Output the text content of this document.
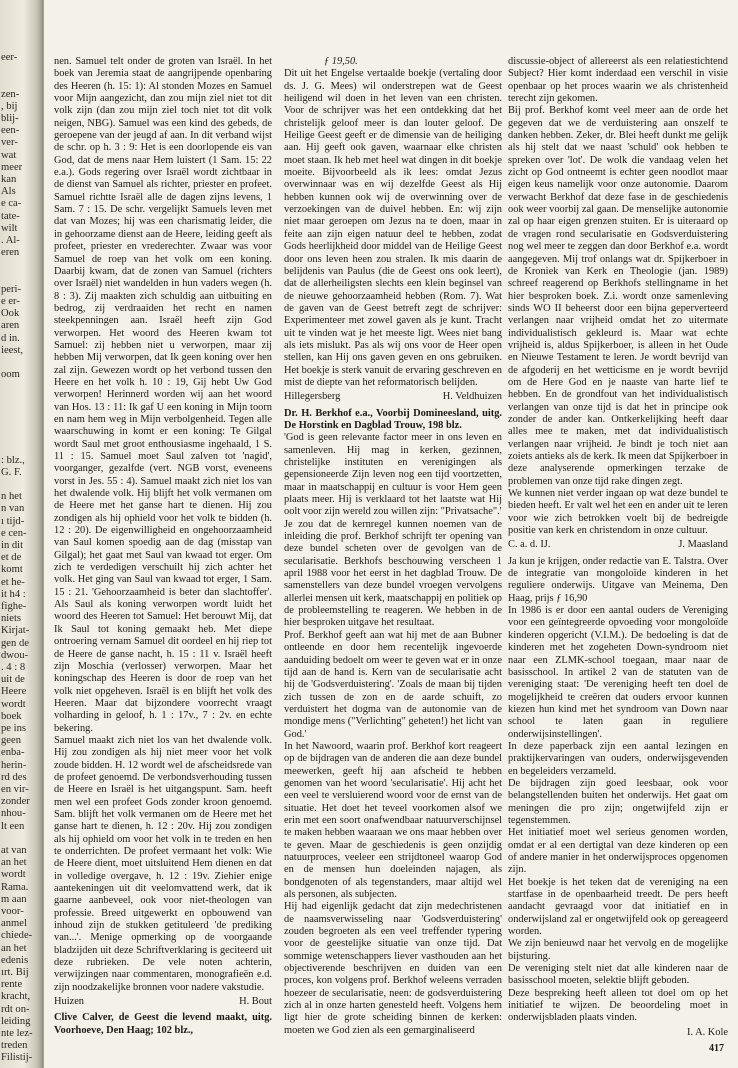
eer-
zen-
, bij
blij-
een-
ver-
wat
meer
kan
Als
e ca-
tate-
wilt
. Al-
eren
peri-
e er-
Ook
aren
d in.
ieest,
oom
: blz.,
G. F.
n het
n van
ı tijd-
e cen-
in dit
et de
komt
et he-
it h4 :
fighe-
niets
Kirjat-
gen de
dwou-
. 4 : 8
uit de
Heere
wordt
boek
pe ins
geen
enba-
herin-
rd des
en vir-
zonder
nhou-
lt een
at van
an het
wordt
Rama.
m aan
voor-
anmel
chiede-
an het
edenis
ırt. Bij
rente
kracht,
rdt on-
leiding
nte lez-
treden
Filistij-

nen. Samuel telt onder de groten van Israël. In het boek van Jeremia staat de aangrijpende openbaring des Heeren (h. 15: 1): Al stonden Mozes en Samuel voor Mijn aangezicht, dan zou mijn ziel niet tot dit volk zijn (dan zou mijn ziel toch niet tot dit volk neigen, NBG). Samuel was een kind des gebeds, de geroepene van der jeugd af aan. In dit verband wijst de schr. op h. 3 : 9: Het is een doorlopende eis van God, dat de mens naar Hem luistert (1 Sam. 15: 22 e.a.). Gods regering over Israël wordt zichtbaar in de dienst van Samuel als richter, priester en profeet. Samuel richtte Israël alle de dagen zijns levens, 1 Sam. 7 : 15. De schr. vergelijkt Samuels leven met dat van Mozes; hij was een charismatig leider, die in gehoorzame dienst aan de Heere, leiding geeft als profeet, priester en vrederechter. Zwaar was voor Samuel de roep van het volk om een koning. Daarbij kwam, dat de zonen van Samuel (richters over Israël) niet wandelden in hun vaders wegen (h. 8 : 3). Zij maakten zich schuldig aan uitbuiting en bedrog, zij verdraaiden het recht en namen steekpenningen aan. Israël heeft zijn God verworpen. Het woord des Heeren kwam tot Samuel: zij hebben niet u verworpen, maar zij hebben Mij verworpen, dat Ik geen koning over hen zal zijn. Gewezen wordt op het verbond tussen den Heere en het volk h. 10 : 19, Gij hebt Uw God verworpen! Herinnerd worden wij aan het woord van Hos. 13 : 11: Ik gaf U een koning in Mijn toorn en nam hem weg in Mijn verbolgenheid. Tegen alle waarschuwing in komt er een koning: Te Gilgal wordt Saul met groot enthousiasme ingehaald, 1 S. 11 : 15. Samuel moet Saul zalven tot 'nagid', voorganger, gezalfde (vert. NGB vorst, eveneens vorst in Jes. 55 : 4). Samuel maakt zich niet los van het dwalende volk. Hij blijft het volk vermanen om de Heere met het ganse hart te dienen. Hij zou zondigen als hij ophield voor het volk te bidden (h. 12 : 20). De eigenwilligheid en ongehoorzaamheid van Saul komen spoedig aan de dag (misstap van Gilgal); het gaat met Saul van kwaad tot erger. Om zich te verdedigen verschuilt hij zich achter het volk. Het ging van Saul van kwaad tot erger, 1 Sam. 15 : 21. 'Gehoorzaamheid is beter dan slachtoffer'. Als Saul als koning verworpen wordt luidt het woord des Heeren tot Samuel: Het berouwt Mij, dat Ik Saul tot koning gemaakt heb. Met diepe ontroering vernam Samuel dit oordeel en hij riep tot de Heere de ganse nacht, h. 15 : 11 v. Israël heeft zijn Moschia (verlosser) verworpen. Maar het koningschap des Heeren is door de roep van het volk niet opgeheven. Israël is en blijft het volk des Heeren. Maar dat bijzondere voorrecht vraagt volharding in geloof, h. 1 : 17v., 7 : 2v. en echte bekering.

Samuel maakt zich niet los van het dwalende volk. Hij zou zondigen als hij niet meer voor het volk zoude bidden. H. 12 wordt wel de afscheidsrede van de profeet genoemd. De verbondsverhouding tussen de Heere en Israël is het uitgangspunt. Sam. heeft men wel een profeet Gods zonder kroon genoemd. Sam. blijft het volk vermanen om de Heere met het ganse hart te dienen, h. 12 : 20v. Hij zou zondigen als hij ophield om voor het volk in te treden en hen te onderrichten. De profeet vermaant het volk: Wie de Heere dient, moet uitsluitend Hem dienen en dat in volledige overgave, h. 12 : 19v. Ziehier enige aantekeningen uit dit veelomvattend werk, dat ik gaarne aanbeveel, ook voor niet-theologen van professie. Breed uitgewerkt en opbouwend van inhoud zijn de stukken getituleerd 'de prediking van...'. Menige opmerking op de voorgaande bladzijden uit deze Schriftverklaring is geciteerd uit deze rubrieken. De vele noten achterin, verwijzingen naar commentaren, monografieën e.d. zijn noodzakelijke bronnen voor nadere vakstudie.

Huizen	H. Bout

Clive Calver, de Geest die levend maakt, uitg. Voorhoeve, Den Haag; 102 blz.,

ƒ 19,50.

Dit uit het Engelse vertaalde boekje (vertaling door ds. J. G. Mees) wil onderstrepen wat de Geest heiligend wil doen in het leven van een christen. Voor de schrijver was het een ontdekking dat het christelijk geloof meer is dan louter geloof. De Heilige Geest geeft er de dimensie van de heiliging aan. Hij geeft ook gaven, waarnaar elke christen moet staan. Ik heb met heel wat dingen in dit boekje moeite. Bijvoorbeeld als ik lees: omdat Jezus overwinnaar was en wij dezelfde Geest als Hij hebben kunnen ook wij de overwinning over de verzoekingen van de duivel hebben. En: wij zijn niet maar geroepen om Jezus na te doen, maar in feite aan zijn eigen natuur deel te hebben, zodat Gods heerlijkheid door middel van de Heilige Geest door ons leven heen zou stralen. Ik mis daarin de belijdenis van Paulus (die de Geest ons ook leert), dat de allerheiligsten slechts een klein beginsel van de nieuwe gehoorzaamheid hebben (Rom. 7). Wat de gaven van de Geest betreft zegt de schrijver: Experimenteer met zowel gaven als je kunt. Tracht uit te vinden wat je het meeste ligt. Wees niet bang als iets mislukt. Pas als wij ons voor de Heer open stellen, kan Hij ons gaven geven en ons gebruiken. Het boekje is sterk vanuit de ervaring geschreven en mist de diepte van het reformatorisch belijden.

Hillegersberg	H. Veldhuizen

Dr. H. Berkhof e.a., Voorbij Domineesland, uitg. De Horstink en Dagblad Trouw, 198 blz.

'God is geen relevante factor meer in ons leven en samenleven. Hij mag in kerken, gezinnen, christelijke instituten en verenigingen als gepensioneerde Zijn leven nog een tijd voortzetten, maar in maatschappij en cultuur is voor Hem geen plaats meer. Hij is verklaard tot het laatste wat Hij oolt voor zijn wereld zou willen zijn: "Privatsache".'

Je zou dat de kernregel kunnen noemen van de inleiding die prof. Berkhof schrijft ter opening van deze bundel scheten over de gevolgen van de secularisatie. Berkhofs beschouwing verscheen 1 april 1988 voor het eerst in het dagblad Trouw. De samenstellers van deze bundel vroegen vervolgens allerlei mensen uit kerk, maatschappij en politiek op de probleemstelling te reageren. We hebben in de hier besproken uitgave het resultaat.

Prof. Berkhof geeft aan wat hij met de aan Bubner ontleende en door hem recentelijk ingevoerde aanduiding bedoelt om weer te geven wat er in onze tijd aan de hand is. Kern van de secularisatie acht hij de 'Godsverduistering'. 'Zoals de maan bij tijden zich tussen de zon en de aarde schuift, zo verduistert het dogma van de autonomie van de mondige mens ("Verlichting" geheten!) het licht van God.'

In het Nawoord, waarin prof. Berkhof kort reageert op de bijdragen van de anderen die aan deze bundel meewerken, geeft hij aan afscheid te hebben genomen van het woord 'secularisatie'. Hij acht het een veel te versluierend woord voor de ernst van de situatie. Het doet het teveel voorkomen alsof we erin met een soort onafwendbaar natuurverschijnsel te maken hebben waaraan we ons maar hebben over te geven. Maar de geschiedenis is geen onzijdig natuurproces, veeleer een strijdtoneel waarop God en de mensen hun doeleinden najagen, als bondgenoten of als tegenstanders, maar altijd wel als personen, als subjecten.

Hij had eigenlijk gedacht dat zijn medechristenen de naamsverwisseling naar 'Godsverduistering' zouden begroeten als een veel treffender typering voor de geestelijke situatie van onze tijd. Dat sommige wetenschappers liever vasthouden aan het objectiverende beschrijven en duiden van een proces, kon volgens prof. Berkhof weleens verraden hoezeer de secularisatie, neen: de godsverduistering zich al in onze harten genesteld heeft. Volgens hem ligt hier de grote scheiding binnen de kerken: moeten we God zien als een gemarginaliseerd

discussie-object of allereerst als een relatiestichtend Subject? Hier komt inderdaad een verschil in visie openbaar op het proces waarin we als christenheid terecht zijn gekomen.

Bij prof. Berkhof komt veel meer aan de orde het gegeven dat we de verduistering aan onszelf te danken hebben. Zeker, dr. Blei heeft dunkt me gelijk als hij stelt dat we naast 'schuld' ook hebben te spreken over 'lot'. De wolk die vandaag velen het zicht op God ontneemt is echter geen noodlot maar eigen keus namelijk voor onze autonomie. Daarom verwacht Berkhof dat deze fase in de geschiedenis ook weer voorbij zal gaan. De menselijke autonomie zal op haar eigen grenzen stuiten. Er is uiteraard op de vragen rond secularisatie en Godsverduistering nog wel meer te zeggen dan door Berkhof e.a. wordt aangegeven. Mij trof onlangs wat dr. Spijkerboer in de Kroniek van Kerk en Theologie (jan. 1989) schreef reagerend op Berkhofs stellingname in het hier besproken boek. Z.i. wordt onze samenleving sinds WO II beheerst door een bijna geperverteerd verlangen naar vrijheid omdat het zo uitermate individualistisch gekleurd is. Maar wat echte vrijheid is, aldus Spijkerboer, is alleen in het Oude en Nieuwe Testament te leren. Je wordt bevrijd van de afgoderij en het wetticisme en je wordt bevrijd om de Here God en je naaste van harte lief te hebben. En de grondfout van het individualistisch verlangen van onze tijd is dat het in principe ook zonder de ander kan. Ontkerkelijking heeft daar alles mee te maken, met dat individualistisch verlangen naar vrijheid. Je bindt je toch niet aan zoiets antieks als de kerk. Ik meen dat Spijkerboer in deze analyserende opmerkingen terzake de problemen van onze tijd rake dingen zegt.

We kunnen niet verder ingaan op wat deze bundel te bieden heeft. Er valt wel het een en ander uit te leren voor wie zich betrokken voelt bij de bedreigde positie van kerk en christendom in onze cultuur.

C. a. d. IJ.	J. Maasland

Ja kun je krijgen, onder redactie van E. Talstra. Over de integratie van mongoloïde kinderen in het reguliere onderwijs. Uitgave van Meinema, Den Haag, prijs ƒ 16,90

In 1986 is er door een aantal ouders de Vereniging voor een geïntegreerde opvoeding voor mongoloïde kinderen opgericht (V.I.M.). De bedoeling is dat de kinderen met het zogeheten Down-syndroom niet naar een ZLMK-school toegaan, maar naar de basisschool. In artikel 2 van de statuten van de vereniging staat: 'De vereniging heeft ten doel de mogelijkheid te creëren dat ouders ervoor kunnen kiezen hun kind met het syndroom van Down naar school te laten gaan in reguliere onderwijsinstellingen'.

In deze paperback zijn een aantal lezingen en praktijkervaringen van ouders, onderwijsgevenden en begeleiders verzameld.

De bijdragen zijn goed leesbaar, ook voor belangstellenden buiten het onderwijs. Het gaat om meningen die pro zijn; ongetwijfeld zijn er tegenstemmen.

Het initiatief moet wel serieus genomen worden, omdat er al een dertigtal van deze kinderen op een of andere manier in het onderwijsproces opgenomen zijn.

Het boekje is het teken dat de vereniging na een startfase in de openbaarheid treedt. De pers heeft aandacht gevraagd voor dat initiatief en in onderwijsland zal er ongetwijfeld ook op gereageerd worden.

We zijn benieuwd naar het vervolg en de mogelijke bijsturing.

De vereniging stelt niet dat alle kinderen naar de basisschool moeten, selektie blijft geboden.

Deze bespreking heeft alleen tot doel om op het initiatief te wijzen. De beoordeling moet in onderwijsbladen plaats vinden.

I. A. Kole
417
